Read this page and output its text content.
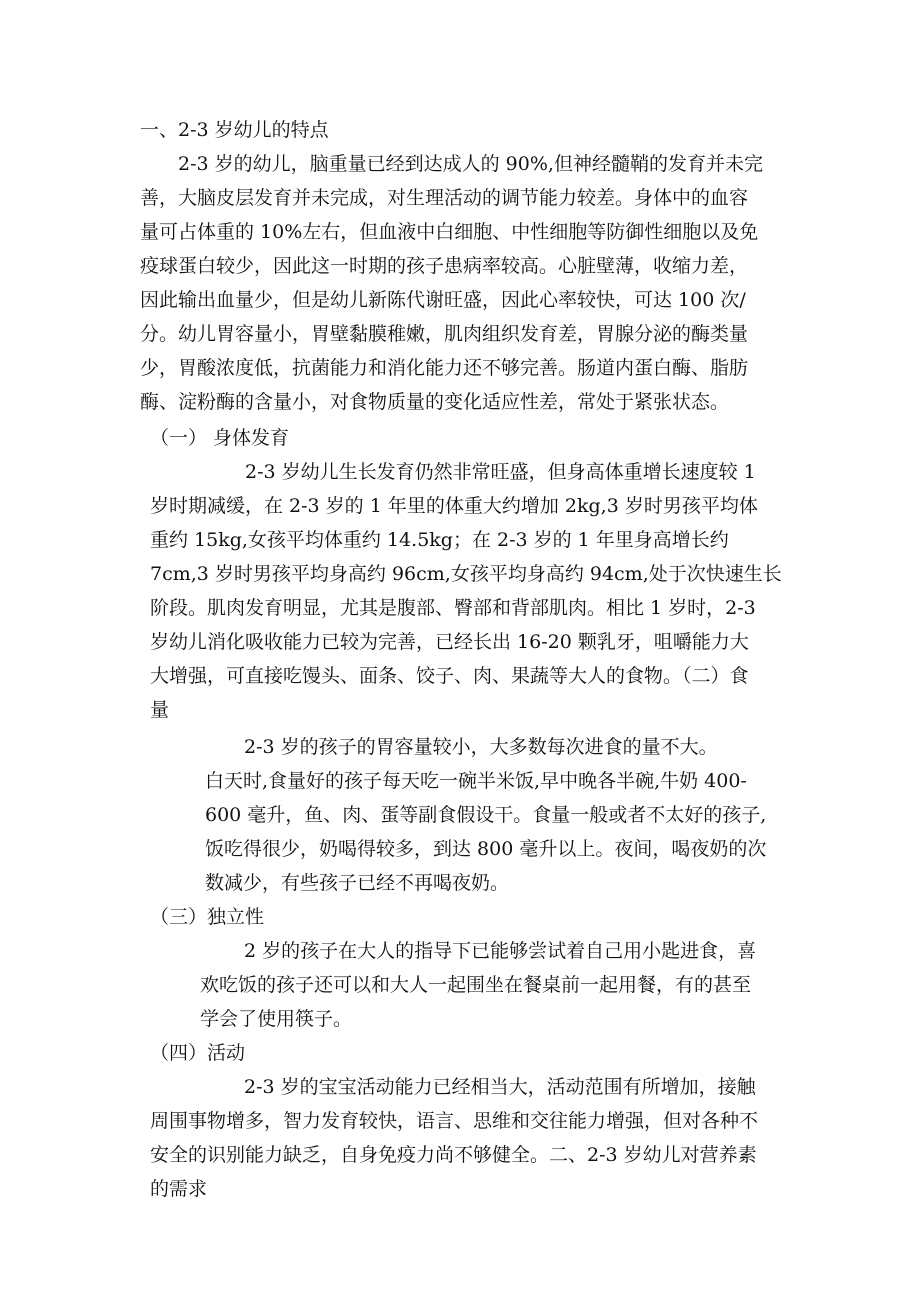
一、2-3 岁幼儿的特点
2-3 岁的幼儿，脑重量已经到达成人的 90%,但神经髓鞘的发育并未完
善，大脑皮层发育并未完成，对生理活动的调节能力较差。身体中的血容
量可占体重的 10%左右，但血液中白细胞、中性细胞等防御性细胞以及免
疫球蛋白较少，因此这一时期的孩子患病率较高。心脏壁薄，收缩力差，
因此输出血量少，但是幼儿新陈代谢旺盛，因此心率较快，可达 100 次/
分。幼儿胃容量小，胃壁黏膜稚嫩，肌肉组织发育差，胃腺分泌的酶类量
少，胃酸浓度低，抗菌能力和消化能力还不够完善。肠道内蛋白酶、脂肪
酶、淀粉酶的含量小，对食物质量的变化适应性差，常处于紧张状态。
（一） 身体发育
2-3 岁幼儿生长发育仍然非常旺盛，但身高体重增长速度较 1
岁时期减缓，在 2-3 岁的 1 年里的体重大约增加 2kg,3 岁时男孩平均体
重约 15kg,女孩平均体重约 14.5kg；在 2-3 岁的 1 年里身高增长约
7cm,3 岁时男孩平均身高约 96cm,女孩平均身高约 94cm,处于次快速生长
阶段。肌肉发育明显，尤其是腹部、臀部和背部肌肉。相比 1 岁时，2-3
岁幼儿消化吸收能力已较为完善，已经长出 16-20 颗乳牙，咀嚼能力大
大增强，可直接吃馒头、面条、饺子、肉、果蔬等大人的食物。（二）食
量
2-3 岁的孩子的胃容量较小，大多数每次进食的量不大。
白天时,食量好的孩子每天吃一碗半米饭,早中晚各半碗,牛奶 400-
600 毫升，鱼、肉、蛋等副食假设干。食量一般或者不太好的孩子,
饭吃得很少，奶喝得较多，到达 800 毫升以上。夜间，喝夜奶的次
数减少，有些孩子已经不再喝夜奶。
（三）独立性
2 岁的孩子在大人的指导下已能够尝试着自己用小匙进食，喜
欢吃饭的孩子还可以和大人一起围坐在餐桌前一起用餐，有的甚至
学会了使用筷子。
（四）活动
2-3 岁的宝宝活动能力已经相当大，活动范围有所增加，接触
周围事物增多，智力发育较快，语言、思维和交往能力增强，但对各种不
安全的识别能力缺乏，自身免疫力尚不够健全。二、2-3 岁幼儿对营养素
的需求
